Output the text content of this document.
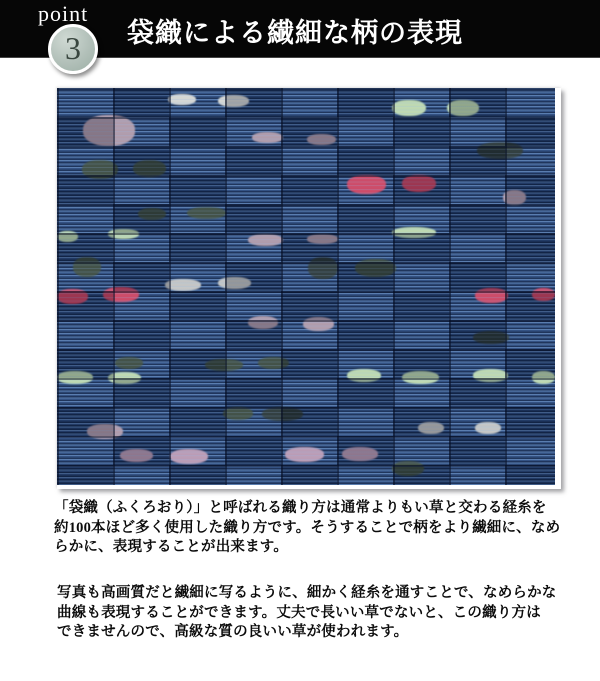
袋織による繊細な柄の表現
point
3

「袋織（ふくろおり）」と呼ばれる織り方は通常よりもい草と交わる経糸を
約100本ほど多く使用した織り方です。そうすることで柄をより繊細に、なめ
らかに、表現することが出来ます。

写真も高画質だと繊細に写るように、細かく経糸を通すことで、なめらかな
曲線も表現することができます。丈夫で長いい草でないと、この織り方は
できませんので、高級な質の良いい草が使われます。
